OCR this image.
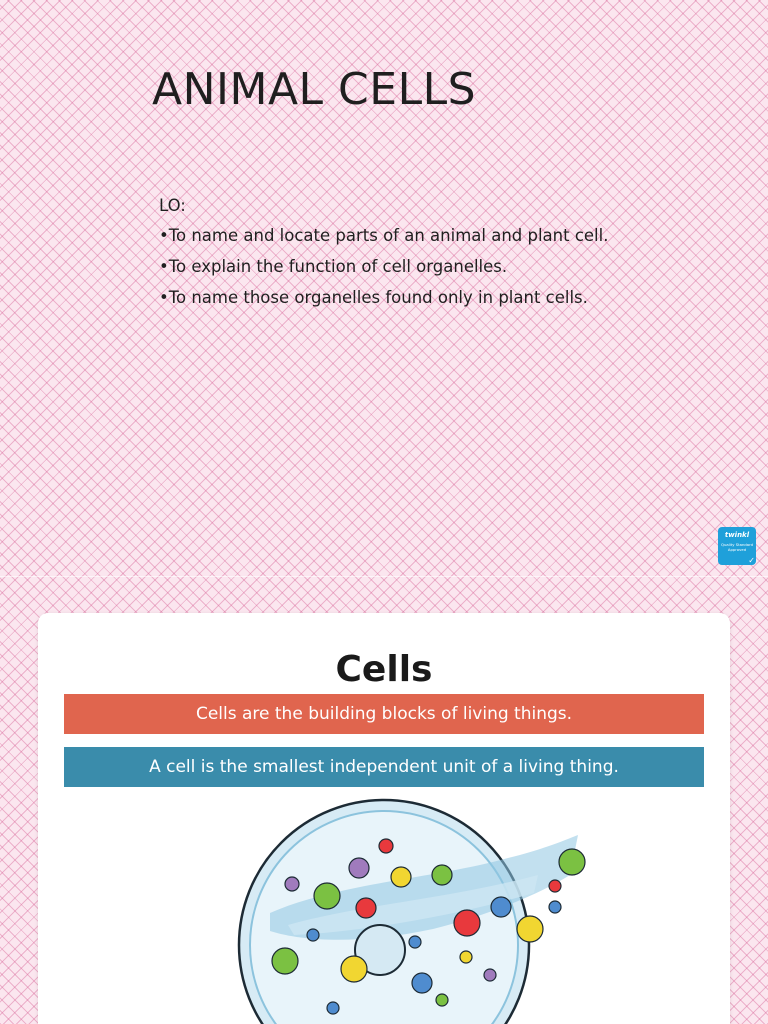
ANIMAL CELLS

LO:

•To name and locate parts of an animal and plant cell.
•To explain the function of cell organelles.
•To name those organelles found only in plant cells.
twinkl
Quality Standard Approved
✓
Cells
Cells are the building blocks of living things.
A cell is the smallest independent unit of a living thing.
